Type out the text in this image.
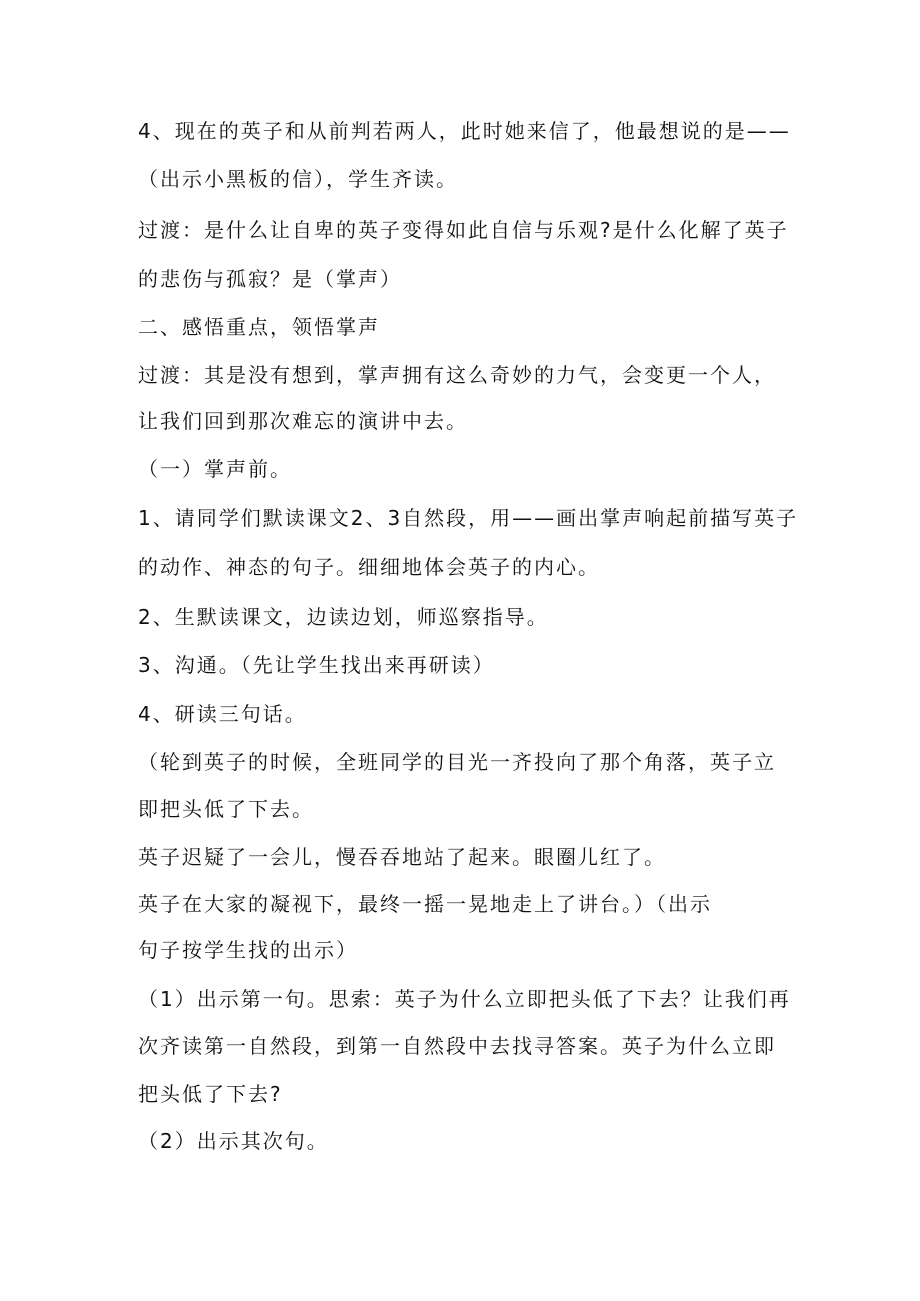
4、现在的英子和从前判若两人，此时她来信了，他最想说的是——
（出示小黑板的信），学生齐读。
过渡：是什么让自卑的英子变得如此自信与乐观?是什么化解了英子
的悲伤与孤寂？是（掌声）
二、感悟重点，领悟掌声
过渡：其是没有想到，掌声拥有这么奇妙的力气，会变更一个人，
让我们回到那次难忘的演讲中去。
（一）掌声前。
1、请同学们默读课文2、3自然段，用——画出掌声响起前描写英子
的动作、神态的句子。细细地体会英子的内心。
2、生默读课文，边读边划，师巡察指导。
3、沟通。（先让学生找出来再研读）
4、研读三句话。
（轮到英子的时候，全班同学的目光一齐投向了那个角落，英子立
即把头低了下去。
英子迟疑了一会儿，慢吞吞地站了起来。眼圈儿红了。
英子在大家的凝视下，最终一摇一晃地走上了讲台。）（出示
句子按学生找的出示）
（1）出示第一句。思索：英子为什么立即把头低了下去？让我们再
次齐读第一自然段，到第一自然段中去找寻答案。英子为什么立即
把头低了下去?
（2）出示其次句。
